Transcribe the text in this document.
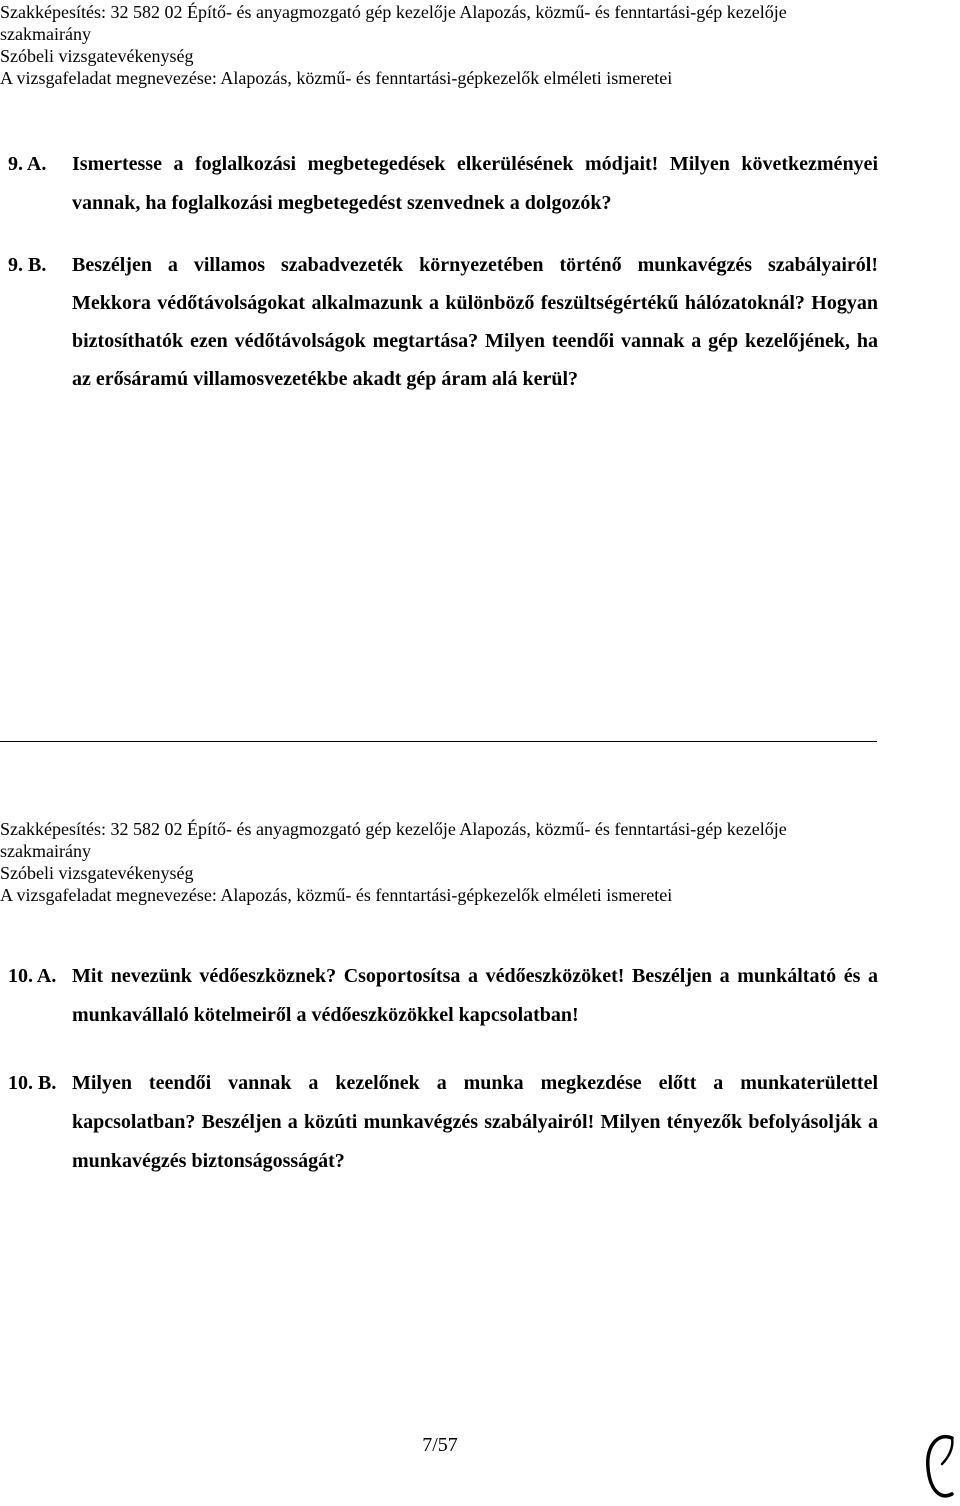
Szakképesítés: 32 582 02 Építő- és anyagmozgató gép kezelője Alapozás, közmű- és fenntartási-gép kezelője
szakmairány
Szóbeli vizsgatevékenység
A vizsgafeladat megnevezése: Alapozás, közmű- és fenntartási-gépkezelők elméleti ismeretei
9. A. Ismertesse a foglalkozási megbetegedések elkerülésének módjait! Milyen következményei vannak, ha foglalkozási megbetegedést szenvednek a dolgozók?
9. B. Beszéljen a villamos szabadvezeték környezetében történő munkavégzés szabályairól! Mekkora védőtávolságokat alkalmazunk a különböző feszültségértékű hálózatoknál? Hogyan biztosíthatók ezen védőtávolságok megtartása? Milyen teendői vannak a gép kezelőjének, ha az erősáramú villamosvezetékbe akadt gép áram alá kerül?
Szakképesítés: 32 582 02 Építő- és anyagmozgató gép kezelője Alapozás, közmű- és fenntartási-gép kezelője
szakmairány
Szóbeli vizsgatevékenység
A vizsgafeladat megnevezése: Alapozás, közmű- és fenntartási-gépkezelők elméleti ismeretei
10. A. Mit nevezünk védőeszköznek? Csoportosítsa a védőeszközöket! Beszéljen a munkáltató és a munkavállaló kötelmeiről a védőeszközökkel kapcsolatban!
10. B. Milyen teendői vannak a kezelőnek a munka megkezdése előtt a munkaterülettel kapcsolatban? Beszéljen a közúti munkavégzés szabályairól! Milyen tényezők befolyásolják a munkavégzés biztonságosságát?
7/57
